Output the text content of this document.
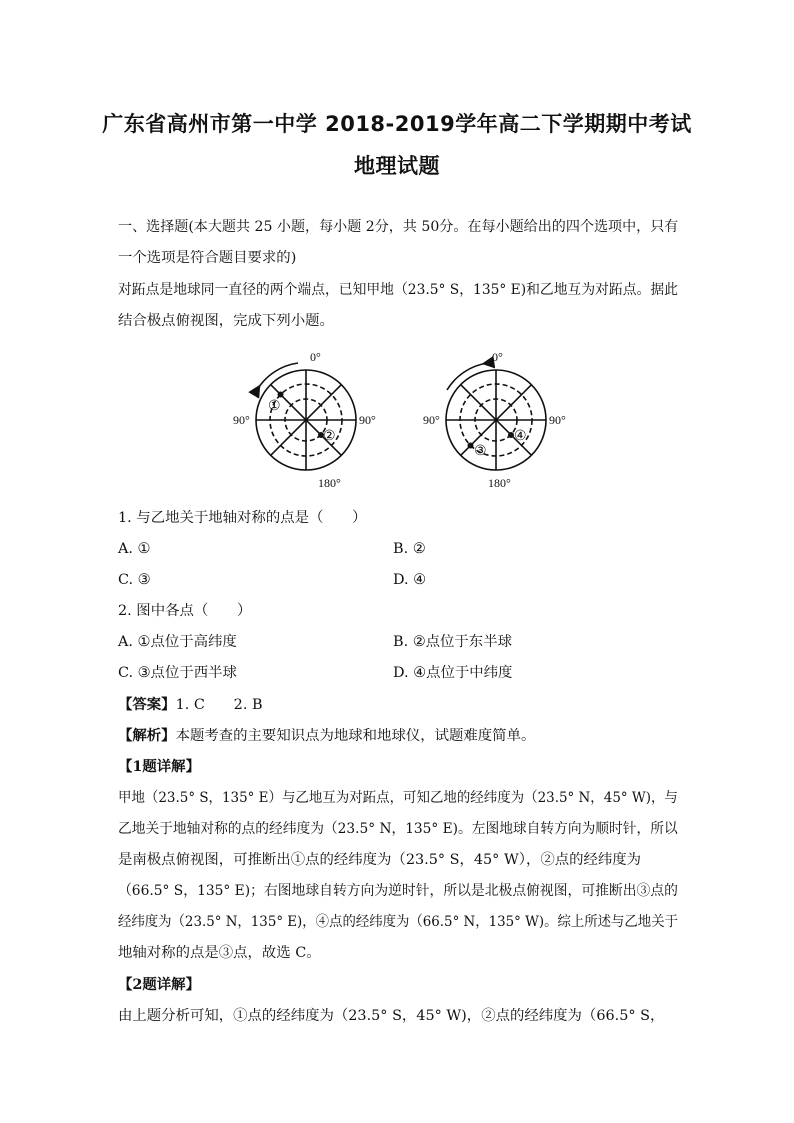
广东省高州市第一中学 2018-2019学年高二下学期期中考试
地理试题
一、选择题(本大题共 25 小题，每小题 2分，共 50分。在每小题给出的四个选项中，只有
一个选项是符合题目要求的)
对跖点是地球同一直径的两个端点，已知甲地（23.5° S，135° E)和乙地互为对跖点。据此
结合极点俯视图，完成下列小题。
0°
90°	90°
180°
①
②
0°
90°	90°
180°
③
④
1. 与乙地关于地轴对称的点是（　　）
A. ①	B. ②
C. ③	D. ④
2. 图中各点（　　）
A. ①点位于高纬度	B. ②点位于东半球
C. ③点位于西半球	D. ④点位于中纬度
【答案】1. C　　2. B
【解析】本题考查的主要知识点为地球和地球仪，试题难度简单。
【1题详解】
甲地（23.5° S，135° E）与乙地互为对跖点，可知乙地的经纬度为（23.5° N，45° W)，与
乙地关于地轴对称的点的经纬度为（23.5° N，135° E)。左图地球自转方向为顺时针，所以
是南极点俯视图，可推断出①点的经纬度为（23.5° S，45° W），②点的经纬度为
（66.5° S，135° E)；右图地球自转方向为逆时针，所以是北极点俯视图，可推断出③点的
经纬度为（23.5° N，135° E)，④点的经纬度为（66.5° N，135° W)。综上所述与乙地关于
地轴对称的点是③点，故选 C。
【2题详解】
由上题分析可知，①点的经纬度为（23.5° S，45° W)，②点的经纬度为（66.5° S，
